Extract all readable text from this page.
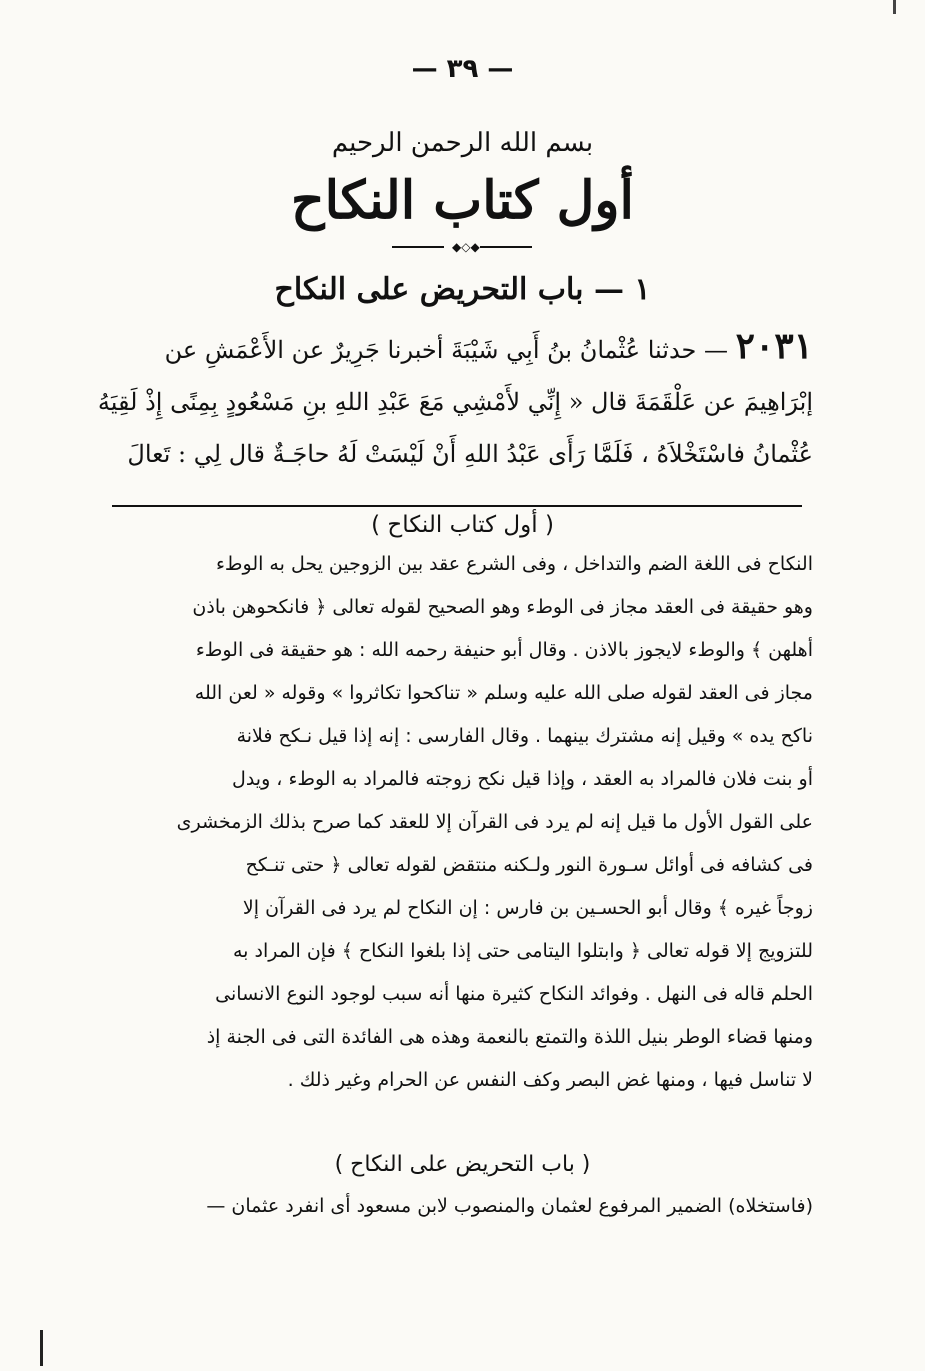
— ٣٩ —
بسم الله الرحمن الرحيم
أول كتاب النكاح
◆◇◆
١ — باب التحريض على النكاح
٢٠٣١ — حدثنا عُثْمانُ بنُ أَبِي شَيْبَةَ أخبرنا جَرِيرٌ عن الأَعْمَشِ عن
إبْرَاهِيمَ عن عَلْقَمَةَ قال « إِنِّي لأَمْشِي مَعَ عَبْدِ اللهِ بنِ مَسْعُودٍ بِمِنًى إِذْ لَقِيَهُ
عُثْمانُ فاسْتَخْلاَهُ ، فَلَمَّا رَأَى عَبْدُ اللهِ أَنْ لَيْسَتْ لَهُ حاجَـةٌ قال لِي : تَعالَ
( أول كتاب النكاح )
النكاح فى اللغة الضم والتداخل ، وفى الشرع عقد بين الزوجين يحل به الوطء
وهو حقيقة فى العقد مجاز فى الوطء وهو الصحيح لقوله تعالى ﴿ فانكحوهن باذن
أهلهن ﴾ والوطء لايجوز بالاذن . وقال أبو حنيفة رحمه الله : هو حقيقة فى الوطء
مجاز فى العقد لقوله صلى الله عليه وسلم « تناكحوا تكاثروا » وقوله « لعن الله
ناكح يده » وقيل إنه مشترك بينهما . وقال الفارسى : إنه إذا قيل نـكح فلانة
أو بنت فلان فالمراد به العقد ، وإذا قيل نكح زوجته فالمراد به الوطء ، ويدل
على القول الأول ما قيل إنه لم يرد فى القرآن إلا للعقد كما صرح بذلك الزمخشرى
فى كشافه فى أوائل سـورة النور ولـكنه منتقض لقوله تعالى ﴿ حتى تنـكح
زوجاً غيره ﴾ وقال أبو الحسـين بن فارس : إن النكاح لم يرد فى القرآن إلا
للتزويج إلا قوله تعالى ﴿ وابتلوا اليتامى حتى إذا بلغوا النكاح ﴾ فإن المراد به
الحلم قاله فى النهل . وفوائد النكاح كثيرة منها أنه سبب لوجود النوع الانسانى
ومنها قضاء الوطر بنيل اللذة والتمتع بالنعمة وهذه هى الفائدة التى فى الجنة إذ
لا تناسل فيها ، ومنها غض البصر وكف النفس عن الحرام وغير ذلك .
( باب التحريض على النكاح )
(فاستخلاه) الضمير المرفوع لعثمان والمنصوب لابن مسعود أى انفرد عثمان —
